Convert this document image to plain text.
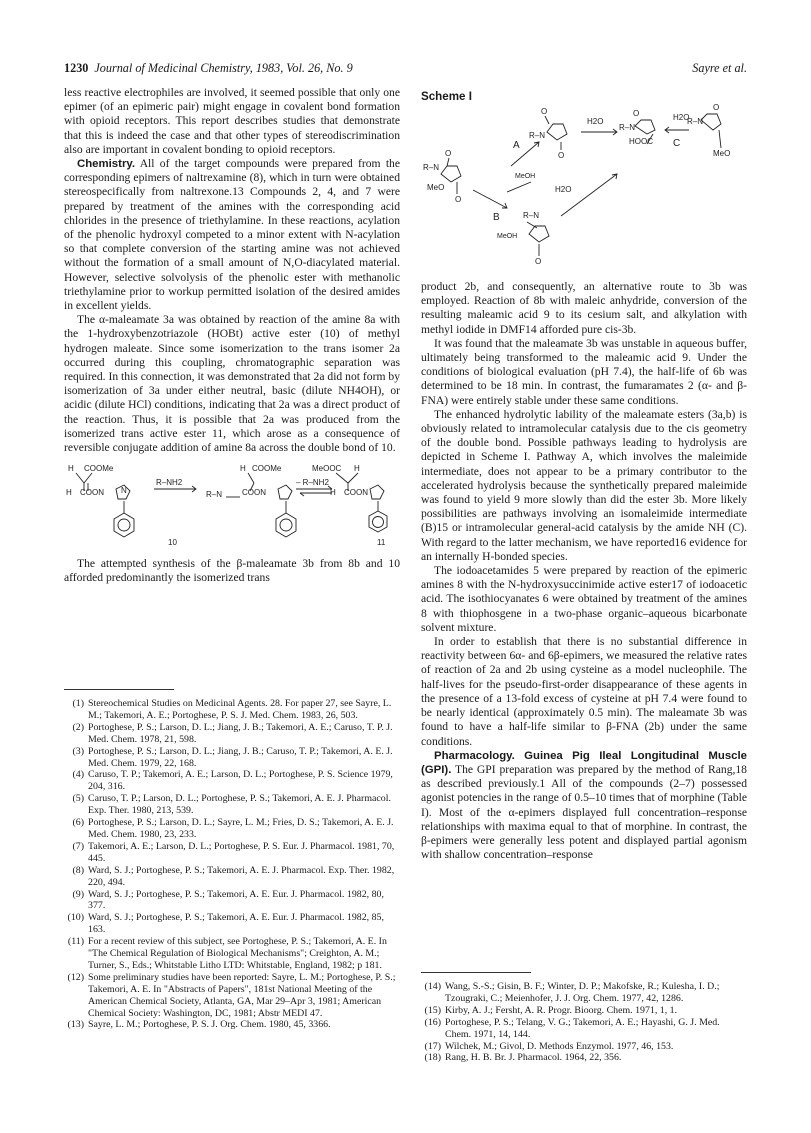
1230 Journal of Medicinal Chemistry, 1983, Vol. 26, No. 9	Sayre et al.

less reactive electrophiles are involved, it seemed possible that only one epimer (of an epimeric pair) might engage in covalent bond formation with opioid receptors. This report describes studies that demonstrate that this is indeed the case and that other types of stereodiscrimination also are important in covalent bonding to opioid receptors.

Chemistry. All of the target compounds were prepared from the corresponding epimers of naltrexamine (8), which in turn were obtained stereospecifically from naltrexone.13 Compounds 2, 4, and 7 were prepared by treatment of the amines with the corresponding acid chlorides in the presence of triethylamine. In these reactions, acylation of the phenolic hydroxyl competed to a minor extent with N-acylation so that complete conversion of the starting amine was not achieved without the formation of a small amount of N,O-diacylated material. However, selective solvolysis of the phenolic ester with methanolic triethylamine prior to workup permitted isolation of the desired amides in excellent yields.

The α-maleamate 3a was obtained by reaction of the amine 8a with the 1-hydroxybenzotriazole (HOBt) active ester (10) of methyl hydrogen maleate. Since some isomerization to the trans isomer 2a occurred during this coupling, chromatographic separation was required. In this connection, it was demonstrated that 2a did not form by isomerization of 3a under either neutral, basic (dilute NH4OH), or acidic (dilute HCl) conditions, indicating that 2a was a direct product of the reaction. Thus, it is possible that 2a was produced from the isomerized trans active ester 11, which arose as a consequence of reversible conjugate addition of amine 8a across the double bond of 10.

H COOMe
H COON N
10
R–NH2
R–N
H COOMe
COON
– R–NH2
MeOOC H
H COON
11

The attempted synthesis of the β-maleamate 3b from 8b and 10 afforded predominantly the isomerized trans

(1) Stereochemical Studies on Medicinal Agents. 28. For paper 27, see Sayre, L. M.; Takemori, A. E.; Portoghese, P. S. J. Med. Chem. 1983, 26, 503.
(2) Portoghese, P. S.; Larson, D. L.; Jiang, J. B.; Takemori, A. E.; Caruso, T. P. J. Med. Chem. 1978, 21, 598.
(3) Portoghese, P. S.; Larson, D. L.; Jiang, J. B.; Caruso, T. P.; Takemori, A. E. J. Med. Chem. 1979, 22, 168.
(4) Caruso, T. P.; Takemori, A. E.; Larson, D. L.; Portoghese, P. S. Science 1979, 204, 316.
(5) Caruso, T. P.; Larson, D. L.; Portoghese, P. S.; Takemori, A. E. J. Pharmacol. Exp. Ther. 1980, 213, 539.
(6) Portoghese, P. S.; Larson, D. L.; Sayre, L. M.; Fries, D. S.; Takemori, A. E. J. Med. Chem. 1980, 23, 233.
(7) Takemori, A. E.; Larson, D. L.; Portoghese, P. S. Eur. J. Pharmacol. 1981, 70, 445.
(8) Ward, S. J.; Portoghese, P. S.; Takemori, A. E. J. Pharmacol. Exp. Ther. 1982, 220, 494.
(9) Ward, S. J.; Portoghese, P. S.; Takemori, A. E. Eur. J. Pharmacol. 1982, 80, 377.
(10) Ward, S. J.; Portoghese, P. S.; Takemori, A. E. Eur. J. Pharmacol. 1982, 85, 163.
(11) For a recent review of this subject, see Portoghese, P. S.; Takemori, A. E. In "The Chemical Regulation of Biological Mechanisms"; Creighton, A. M.; Turner, S., Eds.; Whitstable Litho LTD: Whitstable, England, 1982; p 181.
(12) Some preliminary studies have been reported: Sayre, L. M.; Portoghese, P. S.; Takemori, A. E. In "Abstracts of Papers", 181st National Meeting of the American Chemical Society, Atlanta, GA, Mar 29–Apr 3, 1981; American Chemical Society: Washington, DC, 1981; Abstr MEDI 47.
(13) Sayre, L. M.; Portoghese, P. S. J. Org. Chem. 1980, 45, 3366.
Scheme I
O
R–N
O
A
H2O
R–N
O
HOOC
H2O
C
R–N
O
MeO
O
R–N
MeO
O
MeOH
H2O
B	R–N
MeOH
O

product 2b, and consequently, an alternative route to 3b was employed. Reaction of 8b with maleic anhydride, conversion of the resulting maleamic acid 9 to its cesium salt, and alkylation with methyl iodide in DMF14 afforded pure cis-3b.

It was found that the maleamate 3b was unstable in aqueous buffer, ultimately being transformed to the maleamic acid 9. Under the conditions of biological evaluation (pH 7.4), the half-life of 6b was determined to be 18 min. In contrast, the fumaramates 2 (α- and β-FNA) were entirely stable under these same conditions.

The enhanced hydrolytic lability of the maleamate esters (3a,b) is obviously related to intramolecular catalysis due to the cis geometry of the double bond. Possible pathways leading to hydrolysis are depicted in Scheme I. Pathway A, which involves the maleimide intermediate, does not appear to be a primary contributor to the accelerated hydrolysis because the synthetically prepared maleimide was found to yield 9 more slowly than did the ester 3b. More likely possibilities are pathways involving an isomaleimide intermediate (B)15 or intramolecular general-acid catalysis by the amide NH (C). With regard to the latter mechanism, we have reported16 evidence for an internally H-bonded species.

The iodoacetamides 5 were prepared by reaction of the epimeric amines 8 with the N-hydroxysuccinimide active ester17 of iodoacetic acid. The isothiocyanates 6 were obtained by treatment of the amines 8 with thiophosgene in a two-phase organic–aqueous bicarbonate solvent mixture.

In order to establish that there is no substantial difference in reactivity between 6α- and 6β-epimers, we measured the relative rates of reaction of 2a and 2b using cysteine as a model nucleophile. The half-lives for the pseudo-first-order disappearance of these agents in the presence of a 13-fold excess of cysteine at pH 7.4 were found to be nearly identical (approximately 0.5 min). The maleamate 3b was found to have a half-life similar to β-FNA (2b) under the same conditions.

Pharmacology. Guinea Pig Ileal Longitudinal Muscle (GPI). The GPI preparation was prepared by the method of Rang,18 as described previously.1 All of the compounds (2–7) possessed agonist potencies in the range of 0.5–10 times that of morphine (Table I). Most of the α-epimers displayed full concentration–response relationships with maxima equal to that of morphine. In contrast, the β-epimers were generally less potent and displayed partial agonism with shallow concentration–response

(14) Wang, S.-S.; Gisin, B. F.; Winter, D. P.; Makofske, R.; Kulesha, I. D.; Tzougraki, C.; Meienhofer, J. J. Org. Chem. 1977, 42, 1286.
(15) Kirby, A. J.; Fersht, A. R. Progr. Bioorg. Chem. 1971, 1, 1.
(16) Portoghese, P. S.; Telang, V. G.; Takemori, A. E.; Hayashi, G. J. Med. Chem. 1971, 14, 144.
(17) Wilchek, M.; Givol, D. Methods Enzymol. 1977, 46, 153.
(18) Rang, H. B. Br. J. Pharmacol. 1964, 22, 356.
